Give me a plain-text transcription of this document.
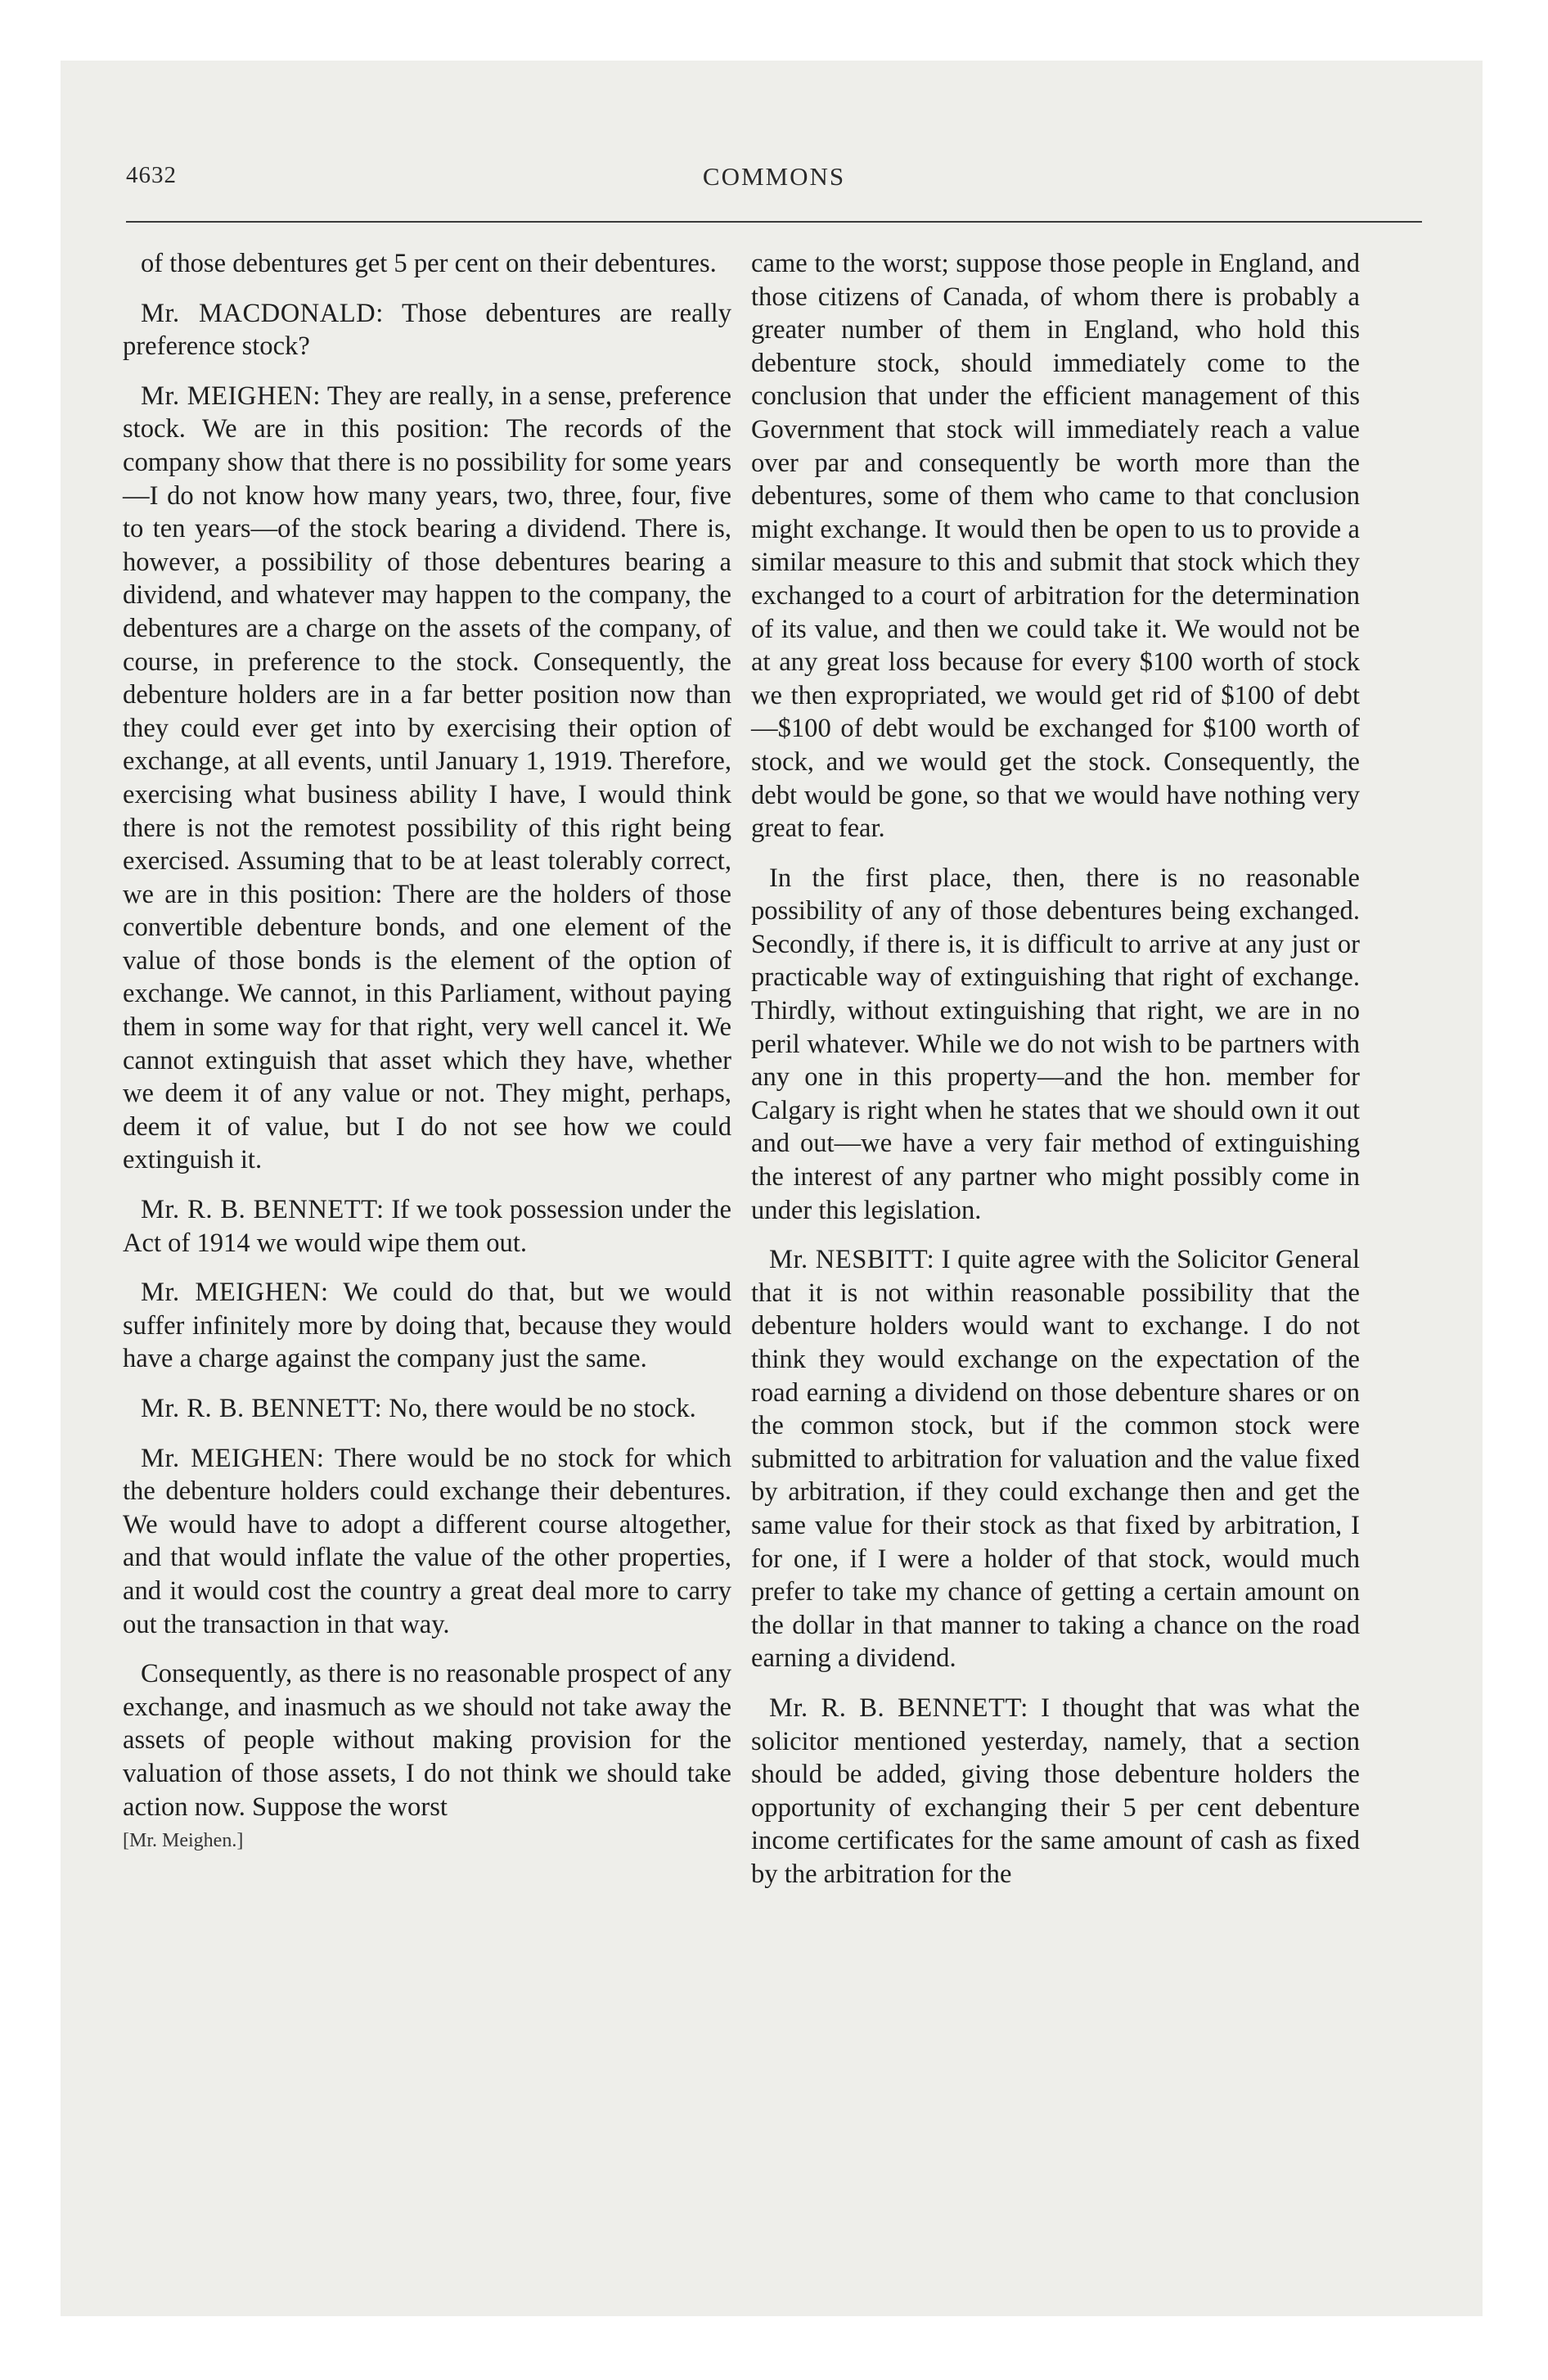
4632	COMMONS

of those debentures get 5 per cent on their debentures.

Mr. MACDONALD: Those debentures are really preference stock?

Mr. MEIGHEN: They are really, in a sense, preference stock. We are in this position: The records of the company show that there is no possibility for some years—I do not know how many years, two, three, four, five to ten years—of the stock bearing a dividend. There is, however, a possibility of those debentures bearing a dividend, and whatever may happen to the company, the debentures are a charge on the assets of the company, of course, in preference to the stock. Consequently, the debenture holders are in a far better position now than they could ever get into by exercising their option of exchange, at all events, until January 1, 1919. Therefore, exercising what business ability I have, I would think there is not the remotest possibility of this right being exercised. Assuming that to be at least tolerably correct, we are in this position: There are the holders of those convertible debenture bonds, and one element of the value of those bonds is the element of the option of exchange. We cannot, in this Parliament, without paying them in some way for that right, very well cancel it. We cannot extinguish that asset which they have, whether we deem it of any value or not. They might, perhaps, deem it of value, but I do not see how we could extinguish it.

Mr. R. B. BENNETT: If we took possession under the Act of 1914 we would wipe them out.

Mr. MEIGHEN: We could do that, but we would suffer infinitely more by doing that, because they would have a charge against the company just the same.

Mr. R. B. BENNETT: No, there would be no stock.

Mr. MEIGHEN: There would be no stock for which the debenture holders could exchange their debentures. We would have to adopt a different course altogether, and that would inflate the value of the other properties, and it would cost the country a great deal more to carry out the transaction in that way.

Consequently, as there is no reasonable prospect of any exchange, and inasmuch as we should not take away the assets of people without making provision for the valuation of those assets, I do not think we should take action now. Suppose the worst

[Mr. Meighen.]

came to the worst; suppose those people in England, and those citizens of Canada, of whom there is probably a greater number of them in England, who hold this debenture stock, should immediately come to the conclusion that under the efficient management of this Government that stock will immediately reach a value over par and consequently be worth more than the debentures, some of them who came to that conclusion might exchange. It would then be open to us to provide a similar measure to this and submit that stock which they exchanged to a court of arbitration for the determination of its value, and then we could take it. We would not be at any great loss because for every $100 worth of stock we then expropriated, we would get rid of $100 of debt—$100 of debt would be exchanged for $100 worth of stock, and we would get the stock. Consequently, the debt would be gone, so that we would have nothing very great to fear.

In the first place, then, there is no reasonable possibility of any of those debentures being exchanged. Secondly, if there is, it is difficult to arrive at any just or practicable way of extinguishing that right of exchange. Thirdly, without extinguishing that right, we are in no peril whatever. While we do not wish to be partners with any one in this property—and the hon. member for Calgary is right when he states that we should own it out and out—we have a very fair method of extinguishing the interest of any partner who might possibly come in under this legislation.

Mr. NESBITT: I quite agree with the Solicitor General that it is not within reasonable possibility that the debenture holders would want to exchange. I do not think they would exchange on the expectation of the road earning a dividend on those debenture shares or on the common stock, but if the common stock were submitted to arbitration for valuation and the value fixed by arbitration, if they could exchange then and get the same value for their stock as that fixed by arbitration, I for one, if I were a holder of that stock, would much prefer to take my chance of getting a certain amount on the dollar in that manner to taking a chance on the road earning a dividend.

Mr. R. B. BENNETT: I thought that was what the solicitor mentioned yesterday, namely, that a section should be added, giving those debenture holders the opportunity of exchanging their 5 per cent debenture income certificates for the same amount of cash as fixed by the arbitration for the
